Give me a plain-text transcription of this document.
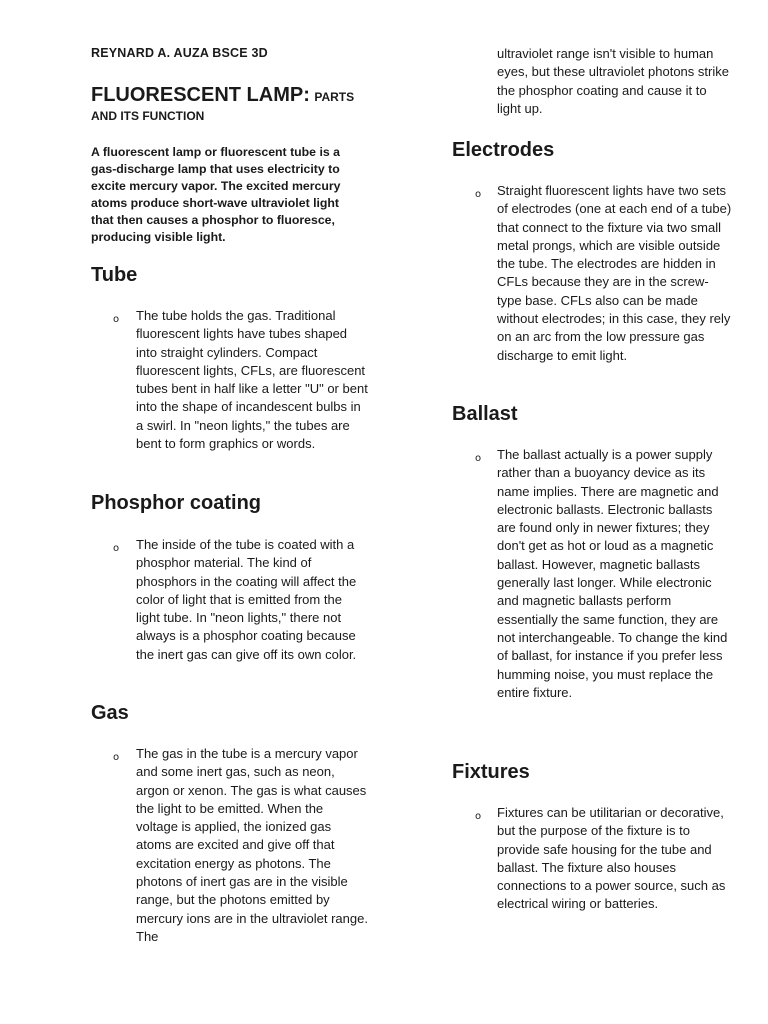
REYNARD A. AUZA BSCE 3D
FLUORESCENT LAMP: PARTS
AND ITS FUNCTION
A fluorescent lamp or fluorescent tube is a gas-discharge lamp that uses electricity to excite mercury vapor. The excited mercury atoms produce short-wave ultraviolet light that then causes a phosphor to fluoresce, producing visible light.
Tube
o The tube holds the gas. Traditional fluorescent lights have tubes shaped into straight cylinders. Compact fluorescent lights, CFLs, are fluorescent tubes bent in half like a letter "U" or bent into the shape of incandescent bulbs in a swirl. In "neon lights," the tubes are bent to form graphics or words.
Phosphor coating
o The inside of the tube is coated with a phosphor material. The kind of phosphors in the coating will affect the color of light that is emitted from the light tube. In "neon lights," there not always is a phosphor coating because the inert gas can give off its own color.
Gas
o The gas in the tube is a mercury vapor and some inert gas, such as neon, argon or xenon. The gas is what causes the light to be emitted. When the voltage is applied, the ionized gas atoms are excited and give off that excitation energy as photons. The photons of inert gas are in the visible range, but the photons emitted by mercury ions are in the ultraviolet range. The
ultraviolet range isn't visible to human eyes, but these ultraviolet photons strike the phosphor coating and cause it to light up.
Electrodes
o Straight fluorescent lights have two sets of electrodes (one at each end of a tube) that connect to the fixture via two small metal prongs, which are visible outside the tube. The electrodes are hidden in CFLs because they are in the screw-type base. CFLs also can be made without electrodes; in this case, they rely on an arc from the low pressure gas discharge to emit light.
Ballast
o The ballast actually is a power supply rather than a buoyancy device as its name implies. There are magnetic and electronic ballasts. Electronic ballasts are found only in newer fixtures; they don't get as hot or loud as a magnetic ballast. However, magnetic ballasts generally last longer. While electronic and magnetic ballasts perform essentially the same function, they are not interchangeable. To change the kind of ballast, for instance if you prefer less humming noise, you must replace the entire fixture.
Fixtures
o Fixtures can be utilitarian or decorative, but the purpose of the fixture is to provide safe housing for the tube and ballast. The fixture also houses connections to a power source, such as electrical wiring or batteries.
